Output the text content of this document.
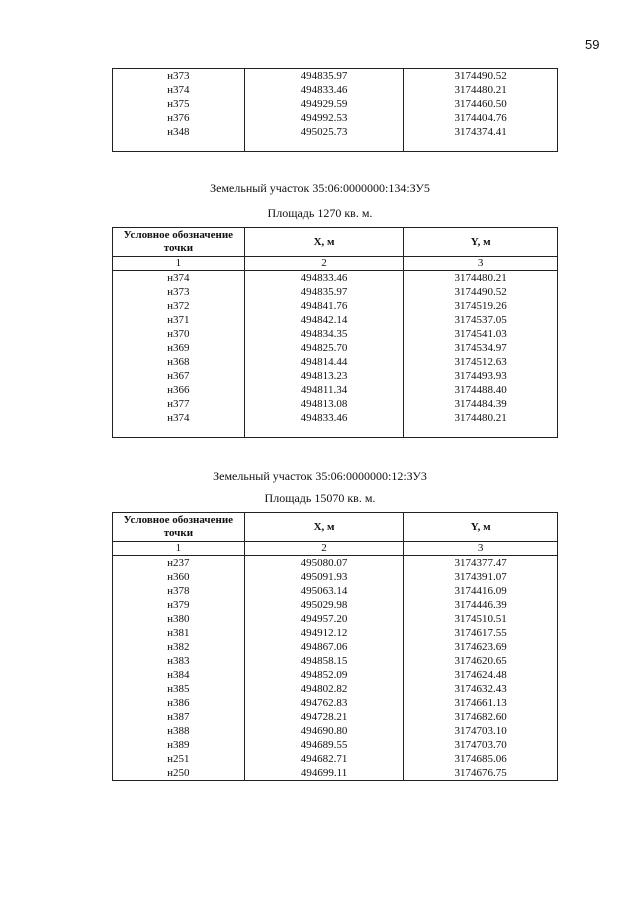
59
н373	494835.97	3174490.52
н374	494833.46	3174480.21
н375	494929.59	3174460.50
н376	494992.53	3174404.76
н348	495025.73	3174374.41

Земельный участок 35:06:0000000:134:ЗУ5
Площадь 1270 кв. м.
Условное обозначение точки	X, м	Y, м
1	2	3
н374	494833.46	3174480.21
н373	494835.97	3174490.52
н372	494841.76	3174519.26
н371	494842.14	3174537.05
н370	494834.35	3174541.03
н369	494825.70	3174534.97
н368	494814.44	3174512.63
н367	494813.23	3174493.93
н366	494811.34	3174488.40
н377	494813.08	3174484.39
н374	494833.46	3174480.21

Земельный участок 35:06:0000000:12:ЗУ3
Площадь 15070 кв. м.
Условное обозначение точки	X, м	Y, м
1	2	3
н237	495080.07	3174377.47
н360	495091.93	3174391.07
н378	495063.14	3174416.09
н379	495029.98	3174446.39
н380	494957.20	3174510.51
н381	494912.12	3174617.55
н382	494867.06	3174623.69
н383	494858.15	3174620.65
н384	494852.09	3174624.48
н385	494802.82	3174632.43
н386	494762.83	3174661.13
н387	494728.21	3174682.60
н388	494690.80	3174703.10
н389	494689.55	3174703.70
н251	494682.71	3174685.06
н250	494699.11	3174676.75
